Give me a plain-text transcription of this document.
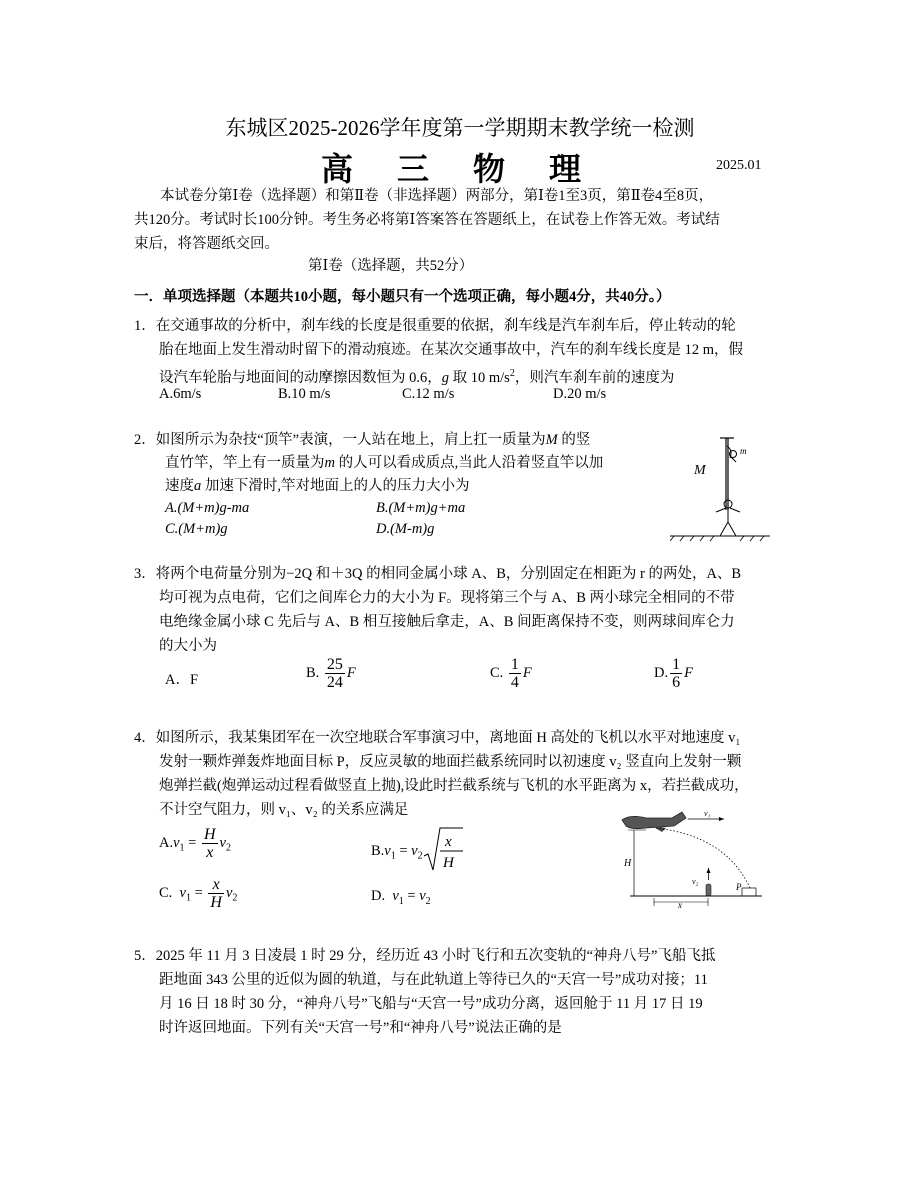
东城区2025-2026学年度第一学期期末教学统一检测
高 三 物 理	2025.01
本试卷分第Ⅰ卷（选择题）和第Ⅱ卷（非选择题）两部分，第Ⅰ卷1至3页，第Ⅱ卷4至8页，
共120分。考试时长100分钟。考生务必将第Ⅰ答案答在答题纸上，在试卷上作答无效。考试结
束后，将答题纸交回。
第Ⅰ卷（选择题，共52分）
一．单项选择题（本题共10小题，每小题只有一个选项正确，每小题4分，共40分。）
1．在交通事故的分析中，刹车线的长度是很重要的依据，刹车线是汽车刹车后，停止转动的轮
胎在地面上发生滑动时留下的滑动痕迹。在某次交通事故中，汽车的刹车线长度是 12 m，假
设汽车轮胎与地面间的动摩擦因数恒为 0.6，g 取 10 $m/s^2$，则汽车刹车前的速度为
A.6m/s	B.10 m/s	C.12 m/s	D.20 m/s
2．如图所示为杂技“顶竿”表演，一人站在地上，肩上扛一质量为M 的竖
直竹竿，竿上有一质量为m 的人可以看成质点,当此人沿着竖直竿以加
速度a 加速下滑时,竿对地面上的人的压力大小为
A.(M+m)g-ma	B.(M+m)g+ma
C.(M+m)g	D.(M-m)g
m
M
3．将两个电荷量分别为−2Q 和＋3Q 的相同金属小球 A、B，分别固定在相距为 r 的两处，A、B
均可视为点电荷，它们之间库仑力的大小为 F。现将第三个与 A、B 两小球完全相同的不带
电绝缘金属小球 C 先后与 A、B 相互接触后拿走，A、B 间距离保持不变，则两球间库仑力
的大小为
A．F	B. $\frac{25}{24}$ F	C. $\frac{1}{4}$ F	D. $\frac{1}{6}$ F
4．如图所示，我某集团军在一次空地联合军事演习中，离地面 H 高处的飞机以水平对地速度 v₁
发射一颗炸弹轰炸地面目标 P，反应灵敏的地面拦截系统同时以初速度 v₂ 竖直向上发射一颗
炮弹拦截(炮弹运动过程看做竖直上抛),设此时拦截系统与飞机的水平距离为 x，若拦截成功，
不计空气阻力，则 v₁、v₂ 的关系应满足
$A.v_1 = \frac{H}{x} v_2$	$B.v_1 = v_2$
x
H
C. $v_1 = \frac{x}{H} v_2$	D. $v_1 = v_2$
v₁
H
v₂
P
x
5．2025 年 11 月 3 日凌晨 1 时 29 分，经历近 43 小时飞行和五次变轨的“神舟八号”飞船飞抵
距地面 343 公里的近似为圆的轨道，与在此轨道上等待已久的“天宫一号”成功对接；11
月 16 日 18 时 30 分，“神舟八号”飞船与“天宫一号”成功分离，返回舱于 11 月 17 日 19
时许返回地面。下列有关“天宫一号”和“神舟八号”说法正确的是
